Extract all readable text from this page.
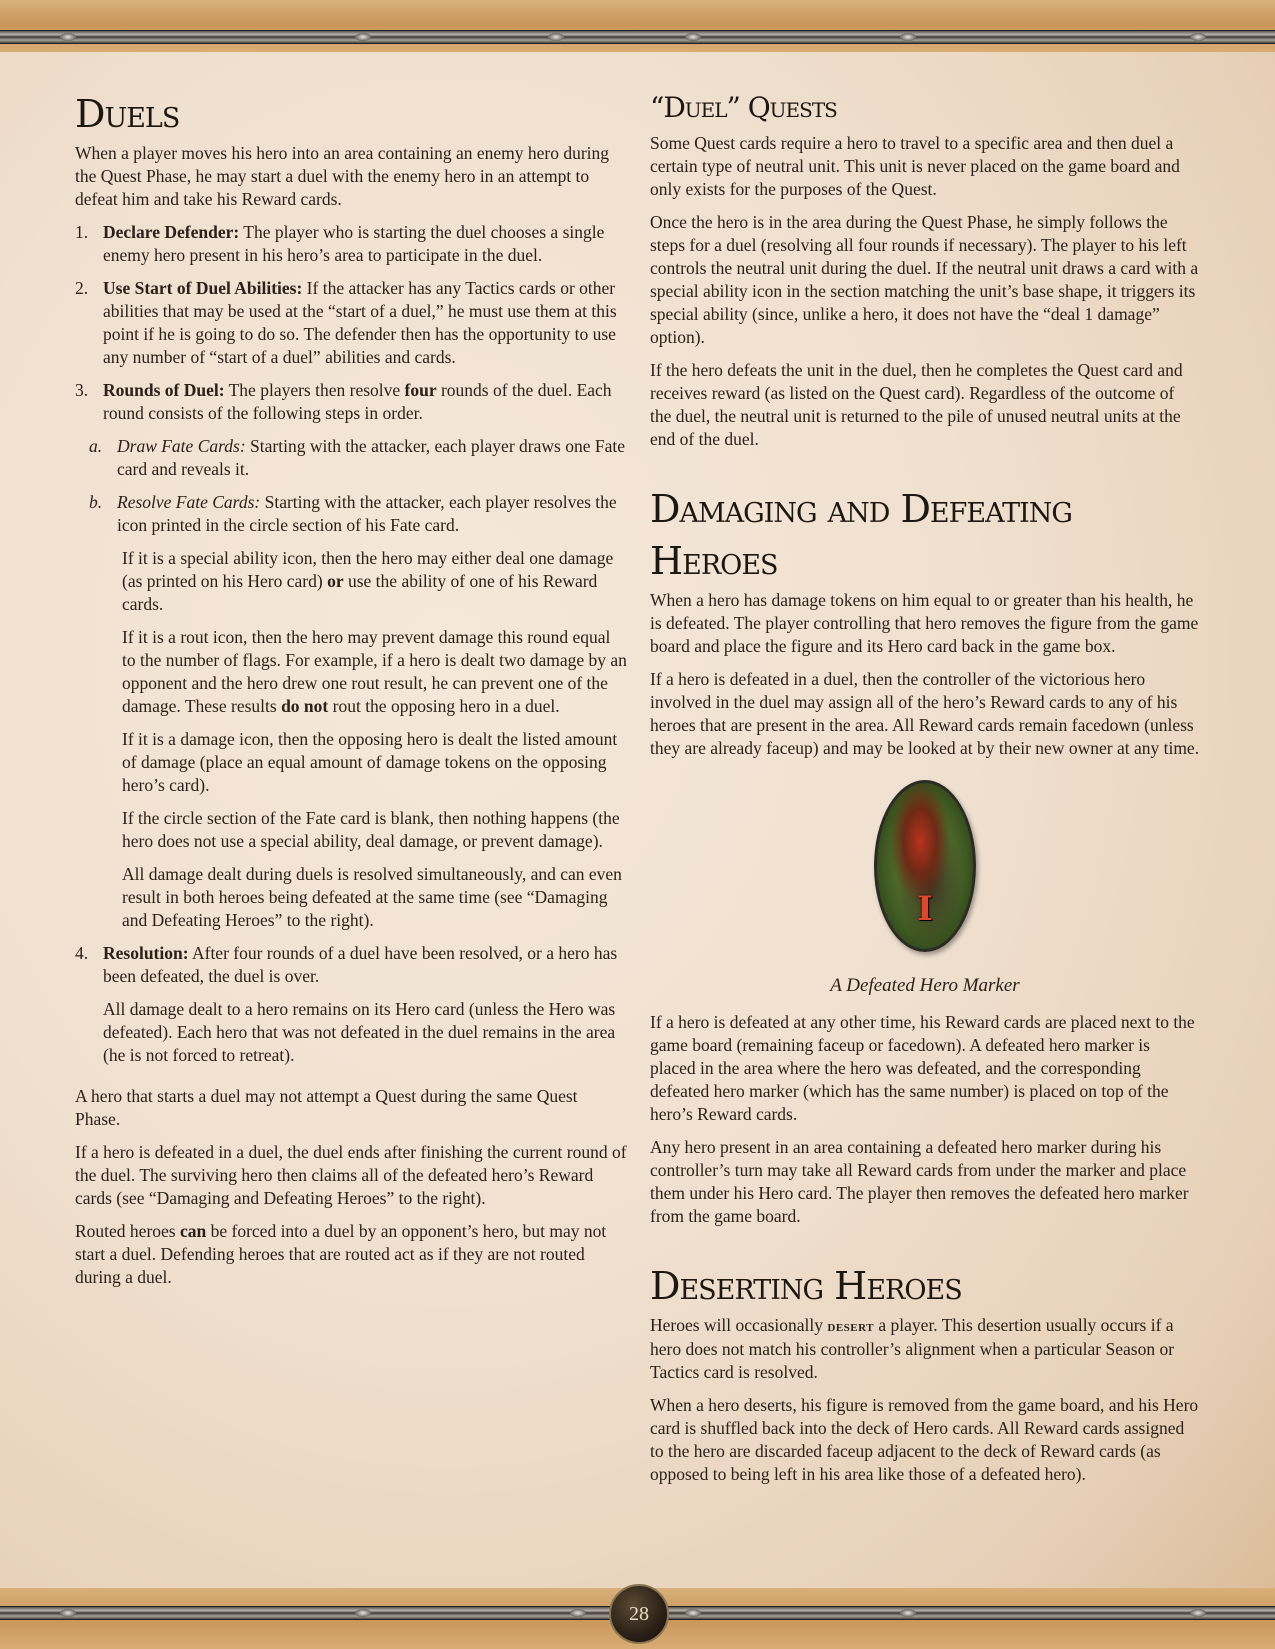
28
Duels

When a player moves his hero into an area containing an enemy hero during the Quest Phase, he may start a duel with the enemy hero in an attempt to defeat him and take his Reward cards.

1. Declare Defender: The player who is starting the duel chooses a single enemy hero present in his hero’s area to participate in the duel.
2. Use Start of Duel Abilities: If the attacker has any Tactics cards or other abilities that may be used at the “start of a duel,” he must use them at this point if he is going to do so. The defender then has the opportunity to use any number of “start of a duel” abilities and cards.
3. Rounds of Duel: The players then resolve four rounds of the duel. Each round consists of the following steps in order.
a. Draw Fate Cards: Starting with the attacker, each player draws one Fate card and reveals it.
b. Resolve Fate Cards: Starting with the attacker, each player resolves the icon printed in the circle section of his Fate card.

If it is a special ability icon, then the hero may either deal one damage (as printed on his Hero card) or use the ability of one of his Reward cards.

If it is a rout icon, then the hero may prevent damage this round equal to the number of flags. For example, if a hero is dealt two damage by an opponent and the hero drew one rout result, he can prevent one of the damage. These results do not rout the opposing hero in a duel.

If it is a damage icon, then the opposing hero is dealt the listed amount of damage (place an equal amount of damage tokens on the opposing hero’s card).

If the circle section of the Fate card is blank, then nothing happens (the hero does not use a special ability, deal damage, or prevent damage).

All damage dealt during duels is resolved simultaneously, and can even result in both heroes being defeated at the same time (see “Damaging and Defeating Heroes” to the right).

4. Resolution: After four rounds of a duel have been resolved, or a hero has been defeated, the duel is over.

All damage dealt to a hero remains on its Hero card (unless the Hero was defeated). Each hero that was not defeated in the duel remains in the area (he is not forced to retreat).

A hero that starts a duel may not attempt a Quest during the same Quest Phase.

If a hero is defeated in a duel, the duel ends after finishing the current round of the duel. The surviving hero then claims all of the defeated hero’s Reward cards (see “Damaging and Defeating Heroes” to the right).

Routed heroes can be forced into a duel by an opponent’s hero, but may not start a duel. Defending heroes that are routed act as if they are not routed during a duel.

“Duel” Quests

Some Quest cards require a hero to travel to a specific area and then duel a certain type of neutral unit. This unit is never placed on the game board and only exists for the purposes of the Quest.

Once the hero is in the area during the Quest Phase, he simply follows the steps for a duel (resolving all four rounds if necessary). The player to his left controls the neutral unit during the duel. If the neutral unit draws a card with a special ability icon in the section matching the unit’s base shape, it triggers its special ability (since, unlike a hero, it does not have the “deal 1 damage” option).

If the hero defeats the unit in the duel, then he completes the Quest card and receives reward (as listed on the Quest card). Regardless of the outcome of the duel, the neutral unit is returned to the pile of unused neutral units at the end of the duel.

Damaging and Defeating Heroes

When a hero has damage tokens on him equal to or greater than his health, he is defeated. The player controlling that hero removes the figure from the game board and place the figure and its Hero card back in the game box.

If a hero is defeated in a duel, then the controller of the victorious hero involved in the duel may assign all of the hero’s Reward cards to any of his heroes that are present in the area. All Reward cards remain facedown (unless they are already faceup) and may be looked at by their new owner at any time.

I

A Defeated Hero Marker

If a hero is defeated at any other time, his Reward cards are placed next to the game board (remaining faceup or facedown). A defeated hero marker is placed in the area where the hero was defeated, and the corresponding defeated hero marker (which has the same number) is placed on top of the hero’s Reward cards.

Any hero present in an area containing a defeated hero marker during his controller’s turn may take all Reward cards from under the marker and place them under his Hero card. The player then removes the defeated hero marker from the game board.

Deserting Heroes

Heroes will occasionally desert a player. This desertion usually occurs if a hero does not match his controller’s alignment when a particular Season or Tactics card is resolved.

When a hero deserts, his figure is removed from the game board, and his Hero card is shuffled back into the deck of Hero cards. All Reward cards assigned to the hero are discarded faceup adjacent to the deck of Reward cards (as opposed to being left in his area like those of a defeated hero).
